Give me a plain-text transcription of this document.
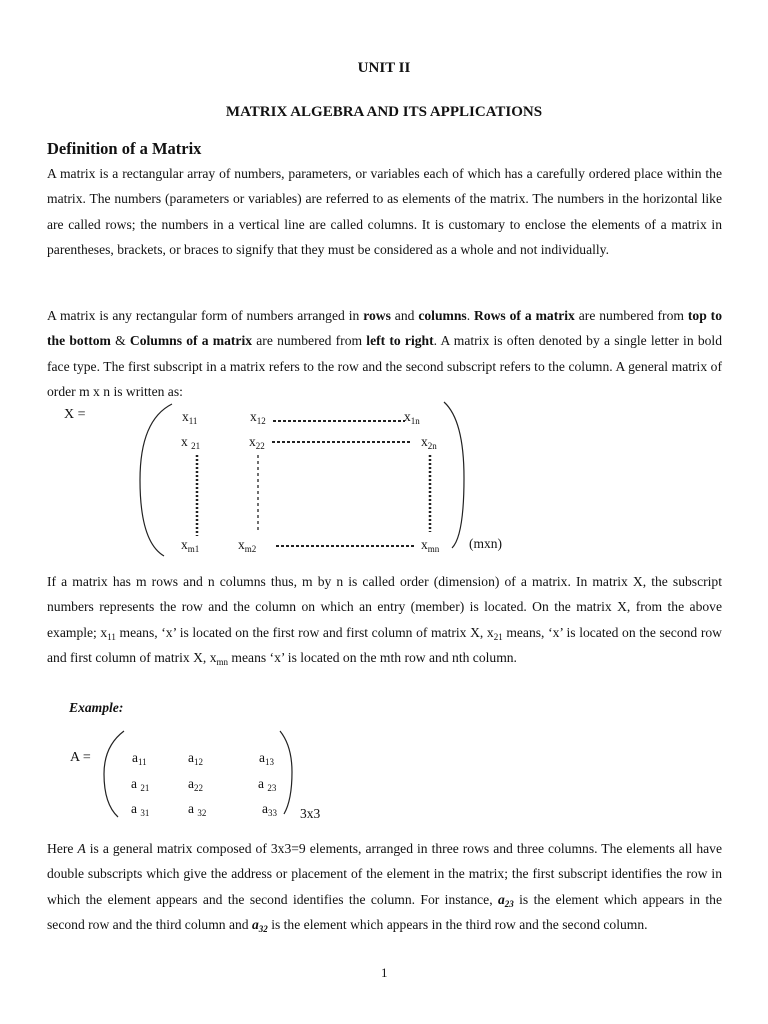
UNIT II
MATRIX ALGEBRA AND ITS APPLICATIONS
Definition of a Matrix
A matrix is a rectangular array of numbers, parameters, or variables each of which has a carefully ordered place within the matrix. The numbers (parameters or variables) are referred to as elements of the matrix. The numbers in the horizontal like are called rows; the numbers in a vertical line are called columns. It is customary to enclose the elements of a matrix in parentheses, brackets, or braces to signify that they must be considered as a whole and not individually.
A matrix is any rectangular form of numbers arranged in rows and columns. Rows of a matrix are numbered from top to the bottom & Columns of a matrix are numbered from left to right. A matrix is often denoted by a single letter in bold face type. The first subscript in a matrix refers to the row and the second subscript refers to the column. A general matrix of order m x n is written as:
X =	$x_{11}$	$x_{12}$	$x_{1n}$
x $_{21}$	$x_{22}$	$x_{2n}$
$x_{m1}$	$x_{m2}$	$x_{mn}$ (mxn)
If a matrix has m rows and n columns thus, m by n is called order (dimension) of a matrix. In matrix X, the subscript numbers represents the row and the column on which an entry (member) is located. On the matrix X, from the above example; $x_{11}$ means, ‘x’ is located on the first row and first column of matrix X, $x_{21}$ means, ‘x’ is located on the second row and first column of matrix X, $x_{mn}$ means ‘x’ is located on the mth row and nth column.
Example:
A =	$a_{11}$	$a_{12}$	$a_{13}$
a $_{21}$	$a_{22}$	a $_{23}$
a $_{31}$	a $_{32}$	$a_{33}$ 3x3
Here A is a general matrix composed of 3x3=9 elements, arranged in three rows and three columns. The elements all have double subscripts which give the address or placement of the element in the matrix; the first subscript identifies the row in which the element appears and the second identifies the column. For instance, $a_{23}$ is the element which appears in the second row and the third column and $a_{32}$ is the element which appears in the third row and the second column.
1
